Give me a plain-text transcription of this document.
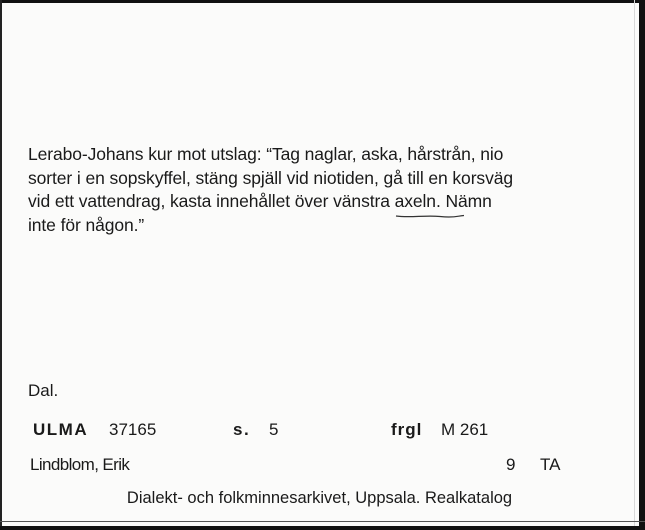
Lerabo-Johans kur mot utslag: “Tag naglar, aska, hårstrån, nio
sorter i en sopskyffel, stäng spjäll vid niotiden, gå till en korsväg
vid ett vattendrag, kasta innehållet över vänstra axeln. Nämn
inte för någon.”
Dal.
ULMA 37165	s. 5	frgl M 261
Lindblom, Erik	9 TA
Dialekt- och folkminnesarkivet, Uppsala. Realkatalog
